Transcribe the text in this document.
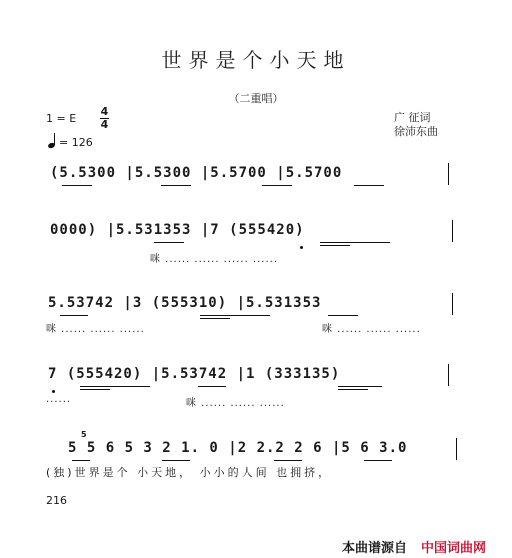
世界是个小天地
（二重唱）
1 = E
4
4
= 126
广 征词
徐沛东曲
(5.5300 |5.5300 |5.5700 |5.5700
0000) |5.531353 |7 (555420)
咪 ...... ...... ...... ......
5.53742 |3 (555310) |5.531353
咪 ...... ...... ......	咪 ...... ...... ......
7 (555420) |5.53742 |1 (333135)
......	咪 ...... ...... ......
5
5 5 6 5 3 2 1. 0 |2 2.2 2 6 |5 6 3.0
(独)世界是个 小天地， 小小的人间 也拥挤，
216
本曲谱源自 中国词曲网
